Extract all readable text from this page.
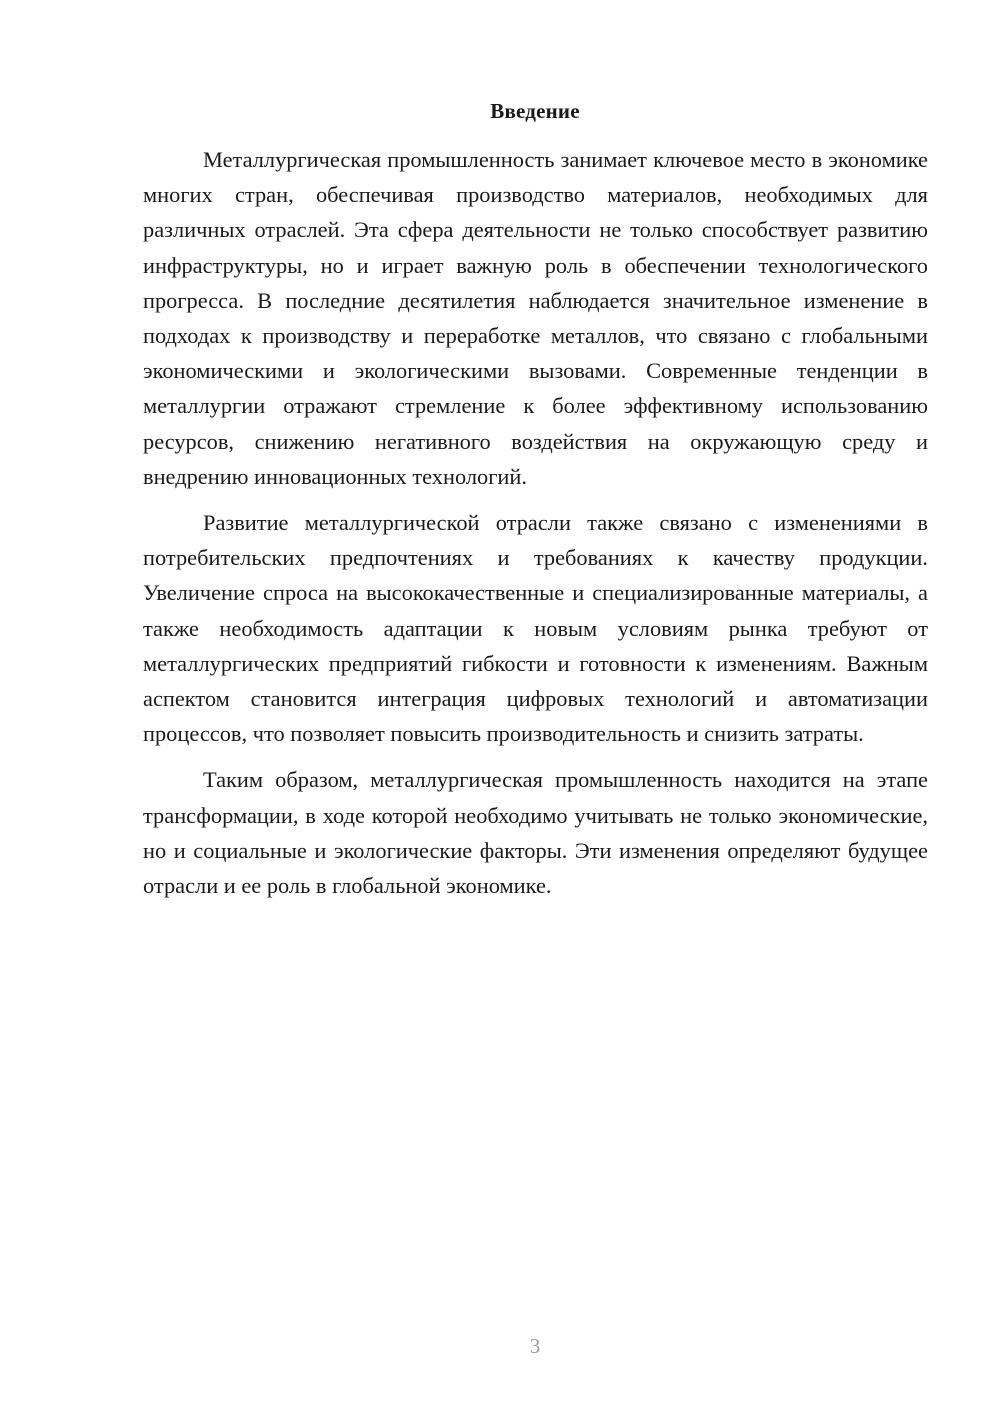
Введение

Металлургическая промышленность занимает ключевое место в экономике многих стран, обеспечивая производство материалов, необходимых для различных отраслей. Эта сфера деятельности не только способствует развитию инфраструктуры, но и играет важную роль в обеспечении технологического прогресса. В последние десятилетия наблюдается значительное изменение в подходах к производству и переработке металлов, что связано с глобальными экономическими и экологическими вызовами. Современные тенденции в металлургии отражают стремление к более эффективному использованию ресурсов, снижению негативного воздействия на окружающую среду и внедрению инновационных технологий.

Развитие металлургической отрасли также связано с изменениями в потребительских предпочтениях и требованиях к качеству продукции. Увеличение спроса на высококачественные и специализированные материалы, а также необходимость адаптации к новым условиям рынка требуют от металлургических предприятий гибкости и готовности к изменениям. Важным аспектом становится интеграция цифровых технологий и автоматизации процессов, что позволяет повысить производительность и снизить затраты.

Таким образом, металлургическая промышленность находится на этапе трансформации, в ходе которой необходимо учитывать не только экономические, но и социальные и экологические факторы. Эти изменения определяют будущее отрасли и ее роль в глобальной экономике.

3
